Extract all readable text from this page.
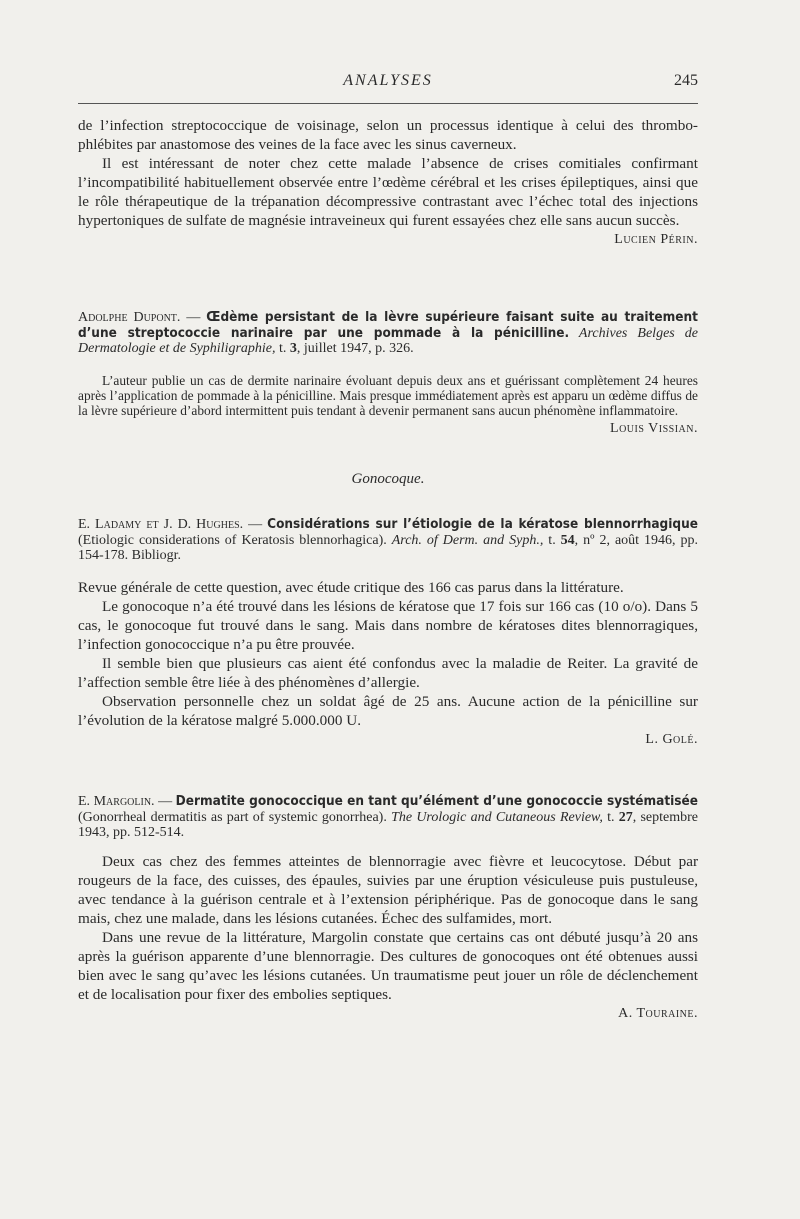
ANALYSES	245

de l’infection streptococcique de voisinage, selon un processus identique à celui des thrombo-phlébites par anastomose des veines de la face avec les sinus caverneux.

Il est intéressant de noter chez cette malade l’absence de crises comitiales confirmant l’incompatibilité habituellement observée entre l’œdème cérébral et les crises épileptiques, ainsi que le rôle thérapeutique de la trépanation décompressive contrastant avec l’échec total des injections hypertoniques de sulfate de magnésie intraveineux qui furent essayées chez elle sans aucun succès.

Lucien Périn.

Adolphe Dupont. — Œdème persistant de la lèvre supérieure faisant suite au traitement d’une streptococcie narinaire par une pommade à la pénicilline. Archives Belges de Dermatologie et de Syphiligraphie, t. 3, juillet 1947, p. 326.

L’auteur publie un cas de dermite narinaire évoluant depuis deux ans et guérissant complètement 24 heures après l’application de pommade à la pénicilline. Mais presque immédiatement après est apparu un œdème diffus de la lèvre supérieure d’abord intermittent puis tendant à devenir permanent sans aucun phénomène inflammatoire.

Louis Vissian.

Gonocoque.

E. Ladamy et J. D. Hughes. — Considérations sur l’étiologie de la kératose blennorrhagique (Etiologic considerations of Keratosis blennorhagica). Arch. of Derm. and Syph., t. 54, nº 2, août 1946, pp. 154-178. Bibliogr.

Revue générale de cette question, avec étude critique des 166 cas parus dans la littérature.

Le gonocoque n’a été trouvé dans les lésions de kératose que 17 fois sur 166 cas (10 o/o). Dans 5 cas, le gonocoque fut trouvé dans le sang. Mais dans nombre de kératoses dites blennorragiques, l’infection gonococcique n’a pu être prouvée.

Il semble bien que plusieurs cas aient été confondus avec la maladie de Reiter. La gravité de l’affection semble être liée à des phénomènes d’allergie.

Observation personnelle chez un soldat âgé de 25 ans. Aucune action de la pénicilline sur l’évolution de la kératose malgré 5.000.000 U.

L. Golé.

E. Margolin. — Dermatite gonococcique en tant qu’élément d’une gonococcie systématisée (Gonorrheal dermatitis as part of systemic gonorrhea). The Urologic and Cutaneous Review, t. 27, septembre 1943, pp. 512-514.

Deux cas chez des femmes atteintes de blennorragie avec fièvre et leucocytose. Début par rougeurs de la face, des cuisses, des épaules, suivies par une éruption vésiculeuse puis pustuleuse, avec tendance à la guérison centrale et à l’extension périphérique. Pas de gonocoque dans le sang mais, chez une malade, dans les lésions cutanées. Échec des sulfamides, mort.

Dans une revue de la littérature, Margolin constate que certains cas ont débuté jusqu’à 20 ans après la guérison apparente d’une blennorragie. Des cultures de gonocoques ont été obtenues aussi bien avec le sang qu’avec les lésions cutanées. Un traumatisme peut jouer un rôle de déclenchement et de localisation pour fixer des embolies septiques.

A. Touraine.
